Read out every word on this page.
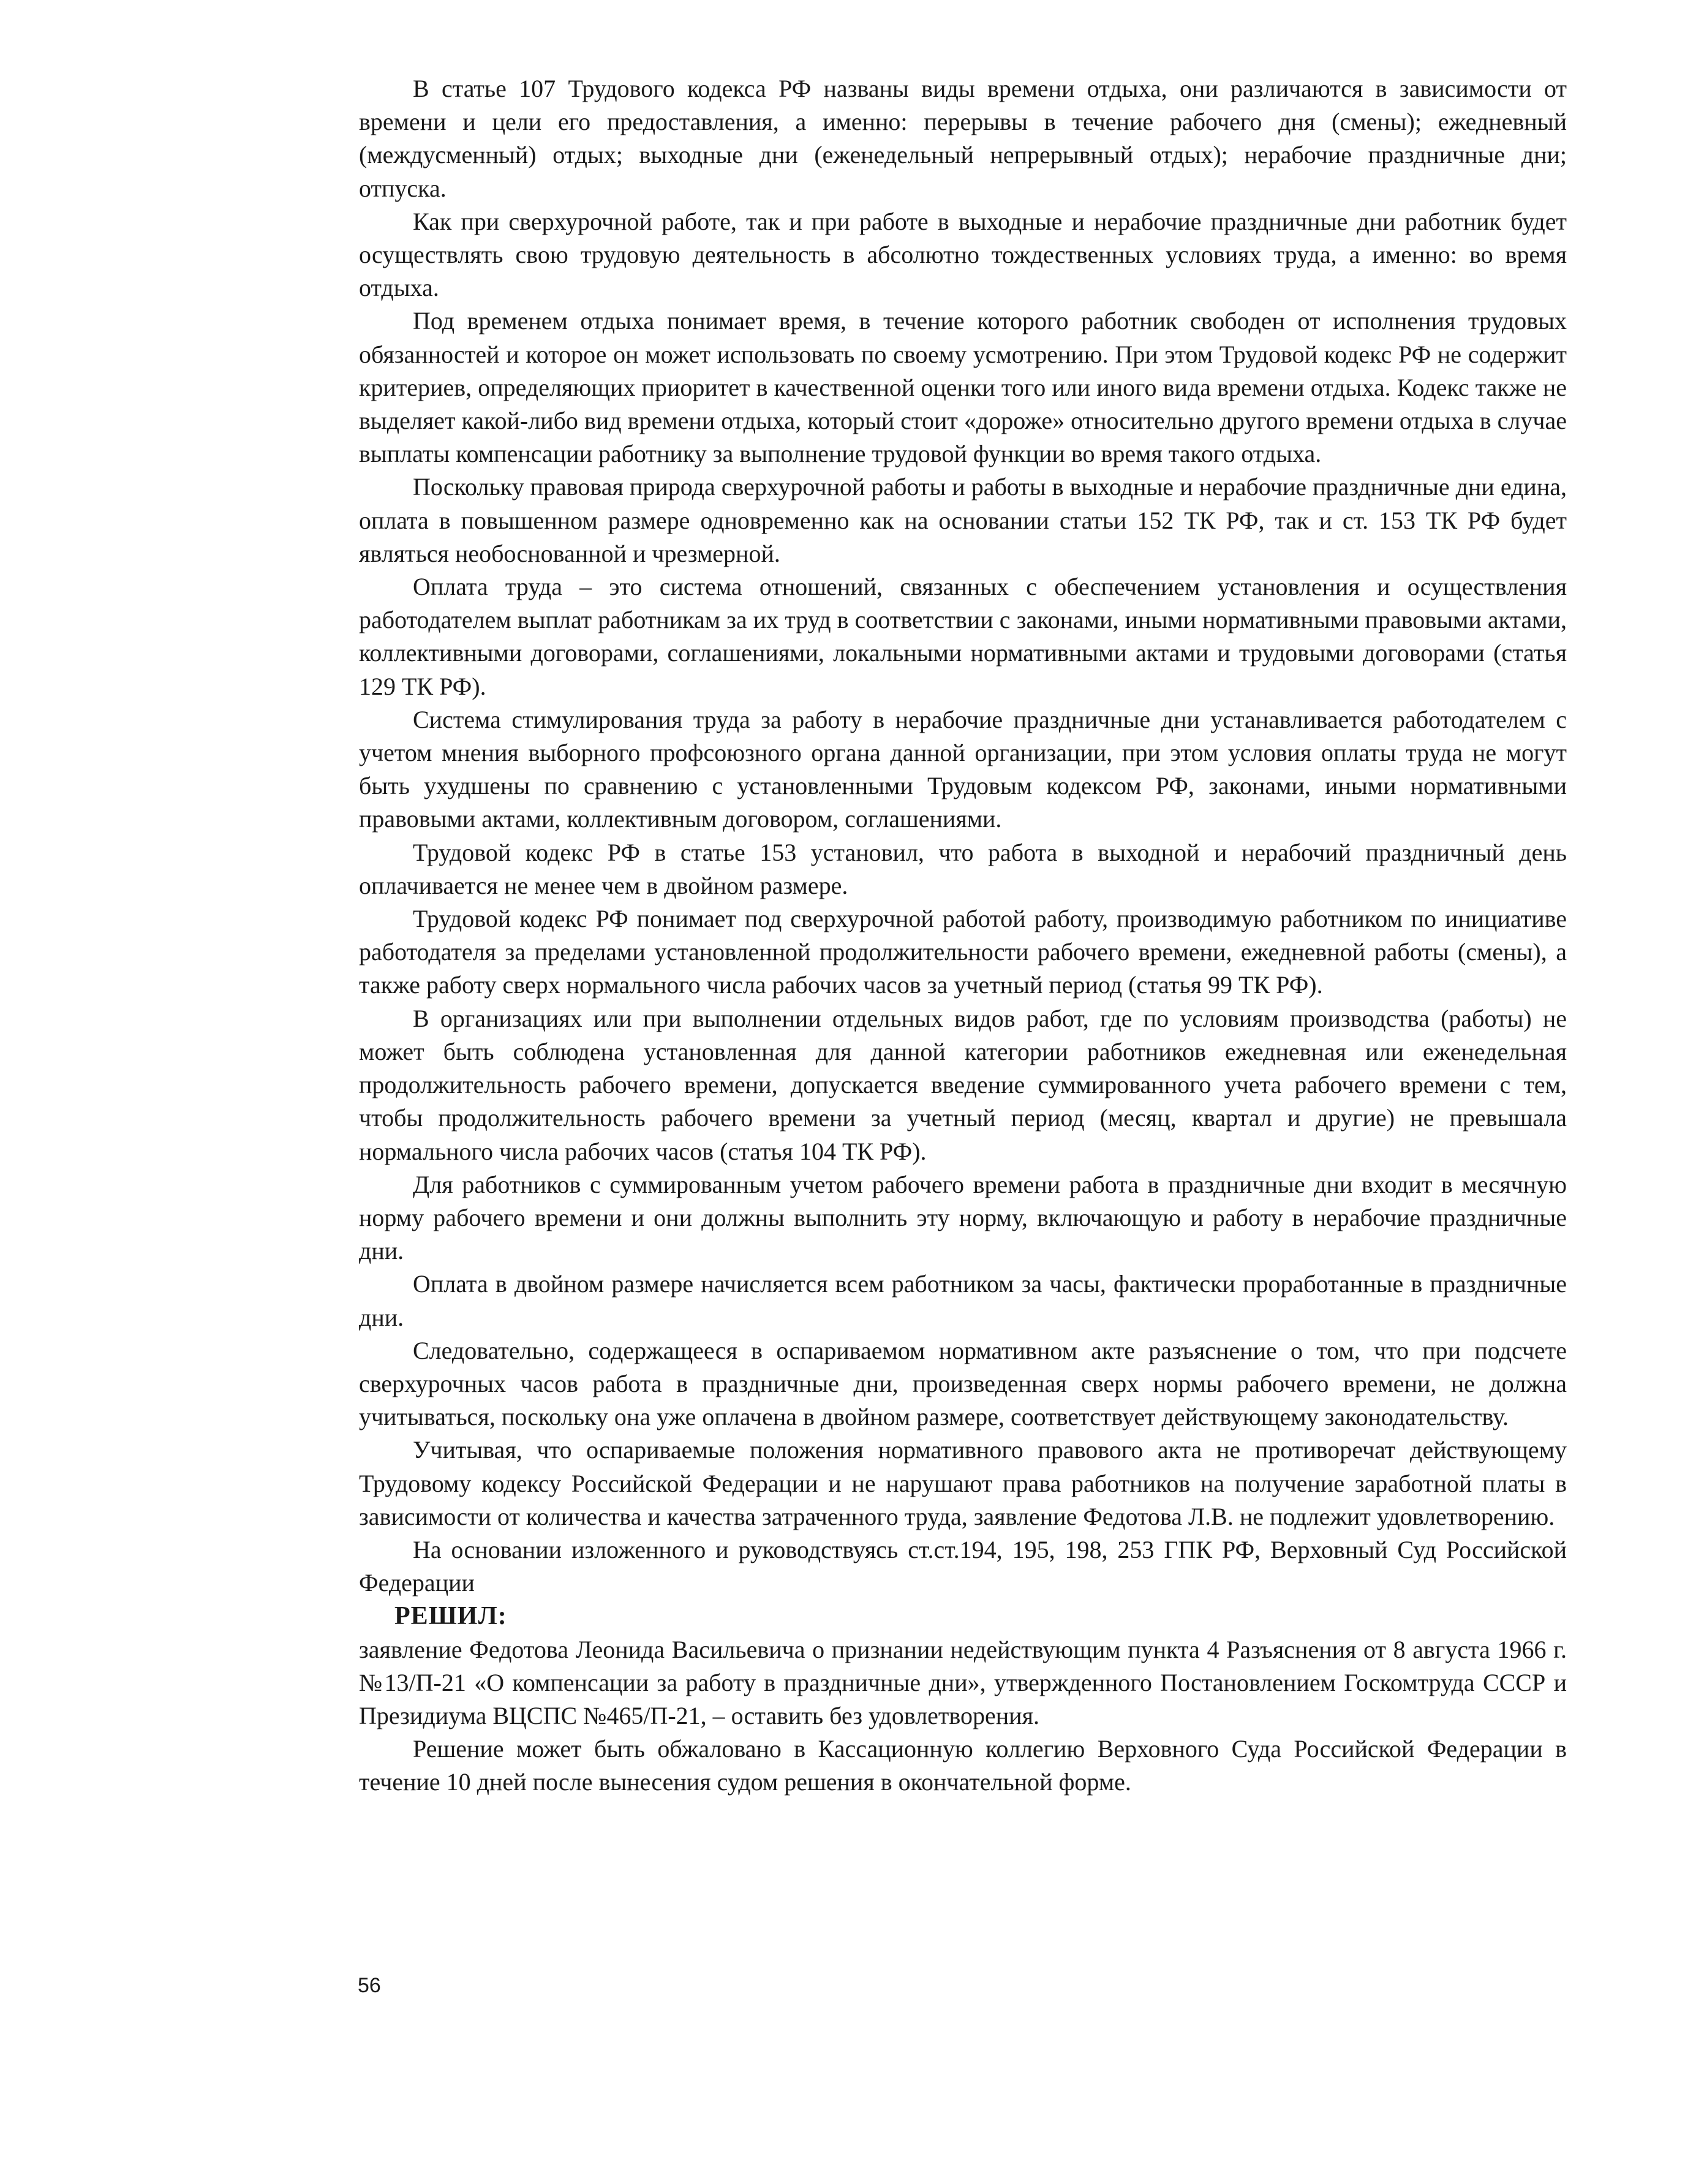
В статье 107 Трудового кодекса РФ названы виды времени отдыха, они различаются в зависимости от времени и цели его предоставления, а именно: перерывы в течение рабочего дня (смены); ежедневный (междусменный) отдых; выходные дни (еженедельный непрерывный отдых); нерабочие праздничные дни; отпуска.

Как при сверхурочной работе, так и при работе в выходные и нерабочие праздничные дни работник будет осуществлять свою трудовую деятельность в абсолютно тождественных условиях труда, а именно: во время отдыха.

Под временем отдыха понимает время, в течение которого работник свободен от исполнения трудовых обязанностей и которое он может использовать по своему усмотрению. При этом Трудовой кодекс РФ не содержит критериев, определяющих приоритет в качественной оценки того или иного вида времени отдыха. Кодекс также не выделяет какой-либо вид времени отдыха, который стоит «дороже» относительно другого времени отдыха в случае выплаты компенсации работнику за выполнение трудовой функции во время такого отдыха.

Поскольку правовая природа сверхурочной работы и работы в выходные и нерабочие праздничные дни едина, оплата в повышенном размере одновременно как на основании статьи 152 ТК РФ, так и ст. 153 ТК РФ будет являться необоснованной и чрезмерной.

Оплата труда – это система отношений, связанных с обеспечением установления и осуществления работодателем выплат работникам за их труд в соответствии с законами, иными нормативными правовыми актами, коллективными договорами, соглашениями, локальными нормативными актами и трудовыми договорами (статья 129 ТК РФ).

Система стимулирования труда за работу в нерабочие праздничные дни устанавливается работодателем с учетом мнения выборного профсоюзного органа данной организации, при этом условия оплаты труда не могут быть ухудшены по сравнению с установленными Трудовым кодексом РФ, законами, иными нормативными правовыми актами, коллективным договором, соглашениями.

Трудовой кодекс РФ в статье 153 установил, что работа в выходной и нерабочий праздничный день оплачивается не менее чем в двойном размере.

Трудовой кодекс РФ понимает под сверхурочной работой работу, производимую работником по инициативе работодателя за пределами установленной продолжительности рабочего времени, ежедневной работы (смены), а также работу сверх нормального числа рабочих часов за учетный период (статья 99 ТК РФ).

В организациях или при выполнении отдельных видов работ, где по условиям производства (работы) не может быть соблюдена установленная для данной категории работников ежедневная или еженедельная продолжительность рабочего времени, допускается введение суммированного учета рабочего времени с тем, чтобы продолжительность рабочего времени за учетный период (месяц, квартал и другие) не превышала нормального числа рабочих часов (статья 104 ТК РФ).

Для работников с суммированным учетом рабочего времени работа в праздничные дни входит в месячную норму рабочего времени и они должны выполнить эту норму, включающую и работу в нерабочие праздничные дни.

Оплата в двойном размере начисляется всем работником за часы, фактически проработанные в праздничные дни.

Следовательно, содержащееся в оспариваемом нормативном акте разъяснение о том, что при подсчете сверхурочных часов работа в праздничные дни, произведенная сверх нормы рабочего времени, не должна учитываться, поскольку она уже оплачена в двойном размере, соответствует действующему законодательству.

Учитывая, что оспариваемые положения нормативного правового акта не противоречат действующему Трудовому кодексу Российской Федерации и не нарушают права работников на получение заработной платы в зависимости от количества и качества затраченного труда, заявление Федотова Л.В. не подлежит удовлетворению.

На основании изложенного и руководствуясь ст.ст.194, 195, 198, 253 ГПК РФ, Верховный Суд Российской Федерации

РЕШИЛ:

заявление Федотова Леонида Васильевича о признании недействующим пункта 4 Разъяснения от 8 августа 1966 г. №13/П-21 «О компенсации за работу в праздничные дни», утвержденного Постановлением Госкомтруда СССР и Президиума ВЦСПС №465/П-21, – оставить без удовлетворения.

Решение может быть обжаловано в Кассационную коллегию Верховного Суда Российской Федерации в течение 10 дней после вынесения судом решения в окончательной форме.

56
